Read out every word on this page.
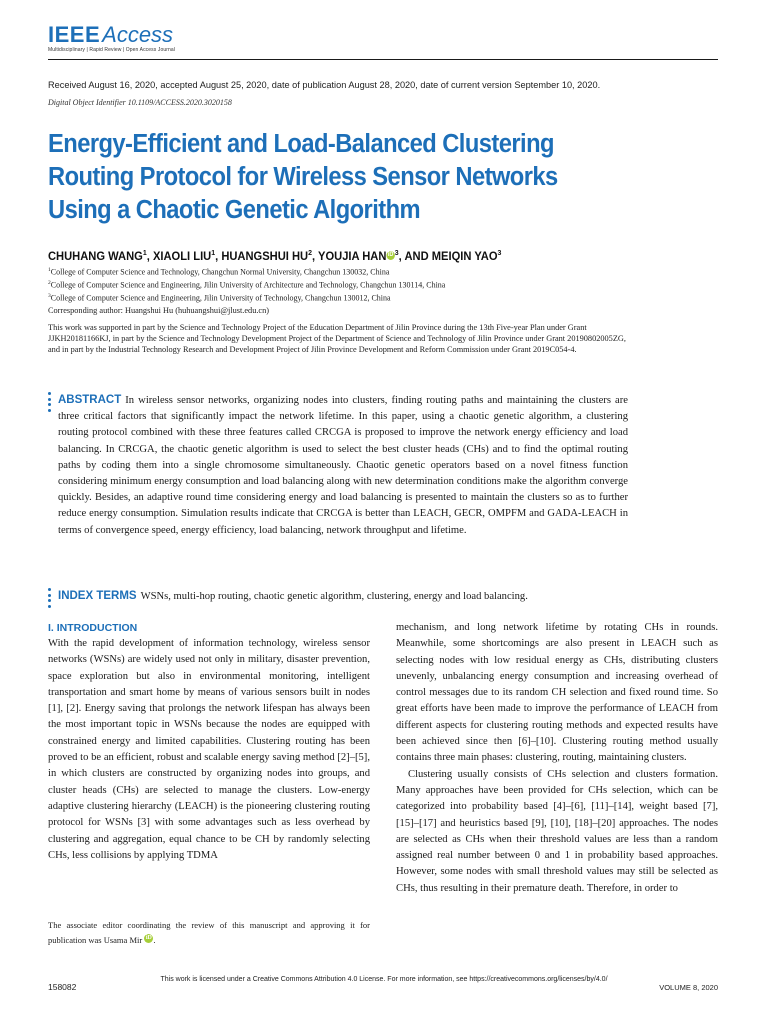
IEEEAccess
Multidisciplinary | Rapid Review | Open Access Journal
Received August 16, 2020, accepted August 25, 2020, date of publication August 28, 2020, date of current version September 10, 2020.
Digital Object Identifier 10.1109/ACCESS.2020.3020158
Energy-Efficient and Load-Balanced Clustering Routing Protocol for Wireless Sensor Networks Using a Chaotic Genetic Algorithm
CHUHANG WANG$^1$, XIAOLI LIU$^1$, HUANGSHUI $HU^2$, YOUJIA HANiD$^3$, AND MEIQIN YAO$^3$
$^1$College of Computer Science and Technology, Changchun Normal University, Changchun 130032, China
$^2$College of Computer Science and Engineering, Jilin University of Architecture and Technology, Changchun 130114, China
$^3$College of Computer Science and Engineering, Jilin University of Technology, Changchun 130012, China
Corresponding author: Huangshui Hu (huhuangshui@jlust.edu.cn)
This work was supported in part by the Science and Technology Project of the Education Department of Jilin Province during the 13th Five-year Plan under Grant JJKH20181166KJ, in part by the Science and Technology Development Project of the Department of Science and Technology of Jilin Province under Grant 20190802005ZG, and in part by the Industrial Technology Research and Development Project of Jilin Province Development and Reform Commission under Grant 2019C054-4.
ABSTRACT In wireless sensor networks, organizing nodes into clusters, finding routing paths and maintaining the clusters are three critical factors that significantly impact the network lifetime. In this paper, using a chaotic genetic algorithm, a clustering routing protocol combined with these three features called CRCGA is proposed to improve the network energy efficiency and load balancing. In CRCGA, the chaotic genetic algorithm is used to select the best cluster heads (CHs) and to find the optimal routing paths by coding them into a single chromosome simultaneously. Chaotic genetic operators based on a novel fitness function considering minimum energy consumption and load balancing along with new determination conditions make the algorithm converge quickly. Besides, an adaptive round time considering energy and load balancing is presented to maintain the clusters so as to further reduce energy consumption. Simulation results indicate that CRCGA is better than LEACH, GECR, OMPFM and GADA-LEACH in terms of convergence speed, energy efficiency, load balancing, network throughput and lifetime.
INDEX TERMS WSNs, multi-hop routing, chaotic genetic algorithm, clustering, energy and load balancing.
I. INTRODUCTION
With the rapid development of information technology, wireless sensor networks (WSNs) are widely used not only in military, disaster prevention, space exploration but also in environmental monitoring, intelligent transportation and smart home by means of various sensors built in nodes [1], [2]. Energy saving that prolongs the network lifespan has always been the most important topic in WSNs because the nodes are equipped with constrained energy and limited capabilities. Clustering routing has been proved to be an efficient, robust and scalable energy saving method [2]–[5], in which clusters are constructed by organizing nodes into groups, and cluster heads (CHs) are selected to manage the clusters. Low-energy adaptive clustering hierarchy (LEACH) is the pioneering clustering routing protocol for WSNs [3] with some advantages such as less overhead by clustering and aggregation, equal chance to be CH by randomly selecting CHs, less collisions by applying TDMA

mechanism, and long network lifetime by rotating CHs in rounds. Meanwhile, some shortcomings are also present in LEACH such as selecting nodes with low residual energy as CHs, distributing clusters unevenly, unbalancing energy consumption and increasing overhead of control messages due to its random CH selection and fixed round time. So great efforts have been made to improve the performance of LEACH from different aspects for clustering routing methods and expected results have been achieved since then [6]–[10]. Clustering routing method usually contains three main phases: clustering, routing, maintaining clusters.

Clustering usually consists of CHs selection and clusters formation. Many approaches have been provided for CHs selection, which can be categorized into probability based [4]–[6], [11]–[14], weight based [7], [15]–[17] and heuristics based [9], [10], [18]–[20] approaches. The nodes are selected as CHs when their threshold values are less than a random assigned real number between 0 and 1 in probability based approaches. However, some nodes with small threshold values may still be selected as CHs, thus resulting in their premature death. Therefore, in order to

The associate editor coordinating the review of this manuscript and approving it for publication was Usama Mir iD .
158082
This work is licensed under a Creative Commons Attribution 4.0 License. For more information, see https://creativecommons.org/licenses/by/4.0/
VOLUME 8, 2020
